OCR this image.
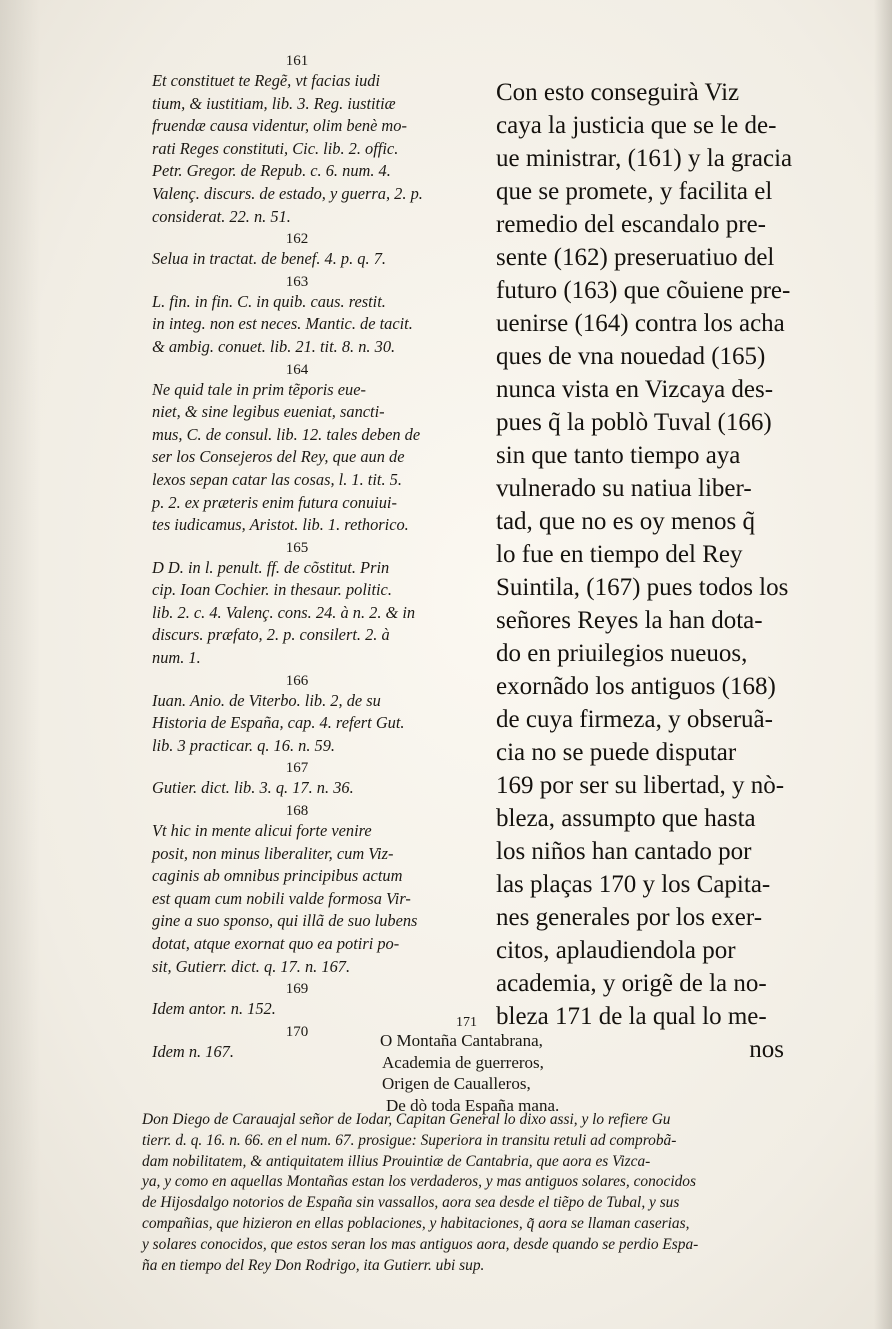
161
Et constituet te Regẽ, vt facias iudi
tium, & iustitiam, lib. 3. Reg. iustitiæ
fruendæ causa videntur, olim benè mo-
rati Reges constituti, Cic. lib. 2. offic.
Petr. Gregor. de Repub. c. 6. num. 4.
Valenç. discurs. de estado, y guerra, 2. p.
considerat. 22. n. 51.
162
Selua in tractat. de benef. 4. p. q. 7.
163
L. fin. in fin. C. in quib. caus. restit.
in integ. non est neces. Mantic. de tacit.
& ambig. conuet. lib. 21. tit. 8. n. 30.
164
Ne quid tale in prim tẽporis eue-
niet, & sine legibus eueniat, sancti-
mus, C. de consul. lib. 12. tales deben de
ser los Consejeros del Rey, que aun de
lexos sepan catar las cosas, l. 1. tit. 5.
p. 2. ex præteris enim futura conuiui-
tes iudicamus, Aristot. lib. 1. rethorico.
165
D D. in l. penult. ff. de cõstitut. Prin
cip. Ioan Cochier. in thesaur. politic.
lib. 2. c. 4. Valenç. cons. 24. à n. 2. & in
discurs. præfato, 2. p. consilert. 2. à
num. 1.
166
Iuan. Anio. de Viterbo. lib. 2, de su
Historia de España, cap. 4. refert Gut.
lib. 3 practicar. q. 16. n. 59.
167
Gutier. dict. lib. 3. q. 17. n. 36.
168
Vt hic in mente alicui forte venire
posit, non minus liberaliter, cum Viz-
caginis ab omnibus principibus actum
est quam cum nobili valde formosa Vir-
gine a suo sponso, qui illã de suo lubens
dotat, atque exornat quo ea potiri po-
sit, Gutierr. dict. q. 17. n. 167.
169
Idem antor. n. 152.
170
Idem n. 167.
Con esto conseguirà Viz
caya la justicia que se le de-
ue ministrar, (161) y la gracia
que se promete, y facilita el
remedio del escandalo pre-
sente (162) preseruatiuo del
futuro (163) que cõuiene pre-
uenirse (164) contra los acha
ques de vna nouedad (165)
nunca vista en Vizcaya des-
pues q̃ la poblò Tuval (166)
sin que tanto tiempo aya
vulnerado su natiua liber-
tad, que no es oy menos q̃
lo fue en tiempo del Rey
Suintila, (167) pues todos los
señores Reyes la han dota-
do en priuilegios nueuos,
exornãdo los antiguos (168)
de cuya firmeza, y obseruã-
cia no se puede disputar
169 por ser su libertad, y nò-
bleza, assumpto que hasta
los niños han cantado por
las plaças 170 y los Capita-
nes generales por los exer-
citos, aplaudiendola por
academia, y origẽ de la no-
bleza 171 de la qual lo me-
nos
171
O Montaña Cantabrana,
Academia de guerreros,
Origen de Caualleros,
De dò toda España mana.
Don Diego de Carauajal señor de Iodar, Capitan General lo dixo assi, y lo refiere Gu
tierr. d. q. 16. n. 66. en el num. 67. prosigue: Superiora in transitu retuli ad comprobã-
dam nobilitatem, & antiquitatem illius Prouintiæ de Cantabria, que aora es Vizca-
ya, y como en aquellas Montañas estan los verdaderos, y mas antiguos solares, conocidos
de Hijosdalgo notorios de España sin vassallos, aora sea desde el tiẽpo de Tubal, y sus
compañias, que hizieron en ellas poblaciones, y habitaciones, q̃ aora se llaman caserias,
y solares conocidos, que estos seran los mas antiguos aora, desde quando se perdio Espa-
ña en tiempo del Rey Don Rodrigo, ita Gutierr. ubi sup.
